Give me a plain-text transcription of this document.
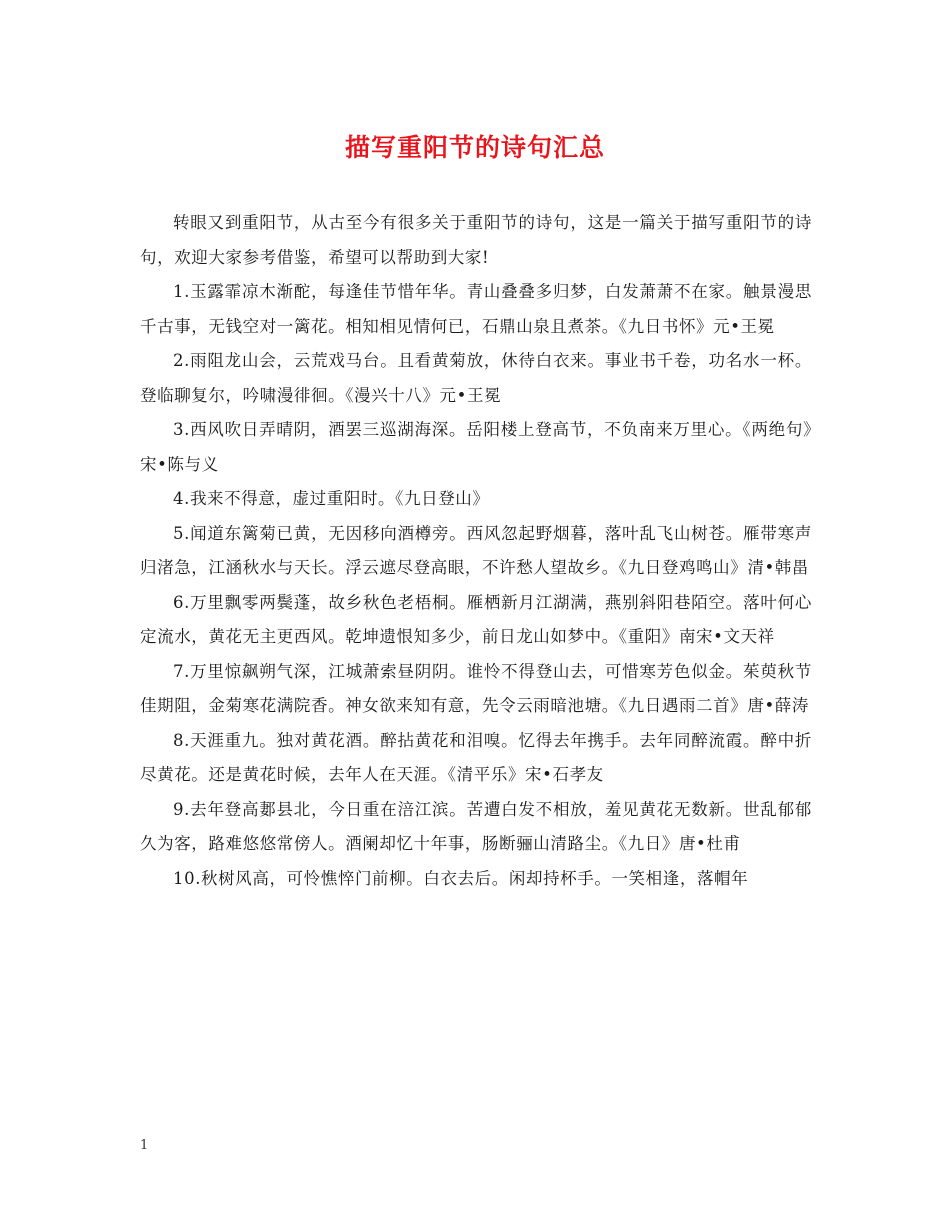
描写重阳节的诗句汇总

转眼又到重阳节，从古至今有很多关于重阳节的诗句，这是一篇关于描写重阳节的诗句，欢迎大家参考借鉴，希望可以帮助到大家!

1.玉露霏凉木渐酡，每逢佳节惜年华。青山叠叠多归梦，白发萧萧不在家。触景漫思千古事，无钱空对一篱花。相知相见情何已，石鼎山泉且煮茶。《九日书怀》元•王冕

2.雨阻龙山会，云荒戏马台。且看黄菊放，休待白衣来。事业书千卷，功名水一杯。登临聊复尔，吟啸漫徘徊。《漫兴十八》元•王冕

3.西风吹日弄晴阴，酒罢三巡湖海深。岳阳楼上登高节，不负南来万里心。《两绝句》宋•陈与义

4.我来不得意，虚过重阳时。《九日登山》

5.闻道东篱菊已黄，无因移向酒樽旁。西风忽起野烟暮，落叶乱飞山树苍。雁带寒声归渚急，江涵秋水与天长。浮云遮尽登高眼，不许愁人望故乡。《九日登鸡鸣山》清•韩畕

6.万里飘零两鬓蓬，故乡秋色老梧桐。雁栖新月江湖满，燕别斜阳巷陌空。落叶何心定流水，黄花无主更西风。乾坤遗恨知多少，前日龙山如梦中。《重阳》南宋•文天祥

7.万里惊飙朔气深，江城萧索昼阴阴。谁怜不得登山去，可惜寒芳色似金。茱萸秋节佳期阻，金菊寒花满院香。神女欲来知有意，先令云雨暗池塘。《九日遇雨二首》唐•薛涛

8.天涯重九。独对黄花酒。醉拈黄花和泪嗅。忆得去年携手。去年同醉流霞。醉中折尽黄花。还是黄花时候，去年人在天涯。《清平乐》宋•石孝友

9.去年登高郪县北，今日重在涪江滨。苦遭白发不相放，羞见黄花无数新。世乱郁郁久为客，路难悠悠常傍人。酒阑却忆十年事，肠断骊山清路尘。《九日》唐•杜甫

10.秋树风高，可怜憔悴门前柳。白衣去后。闲却持杯手。一笑相逢，落帽年

1
